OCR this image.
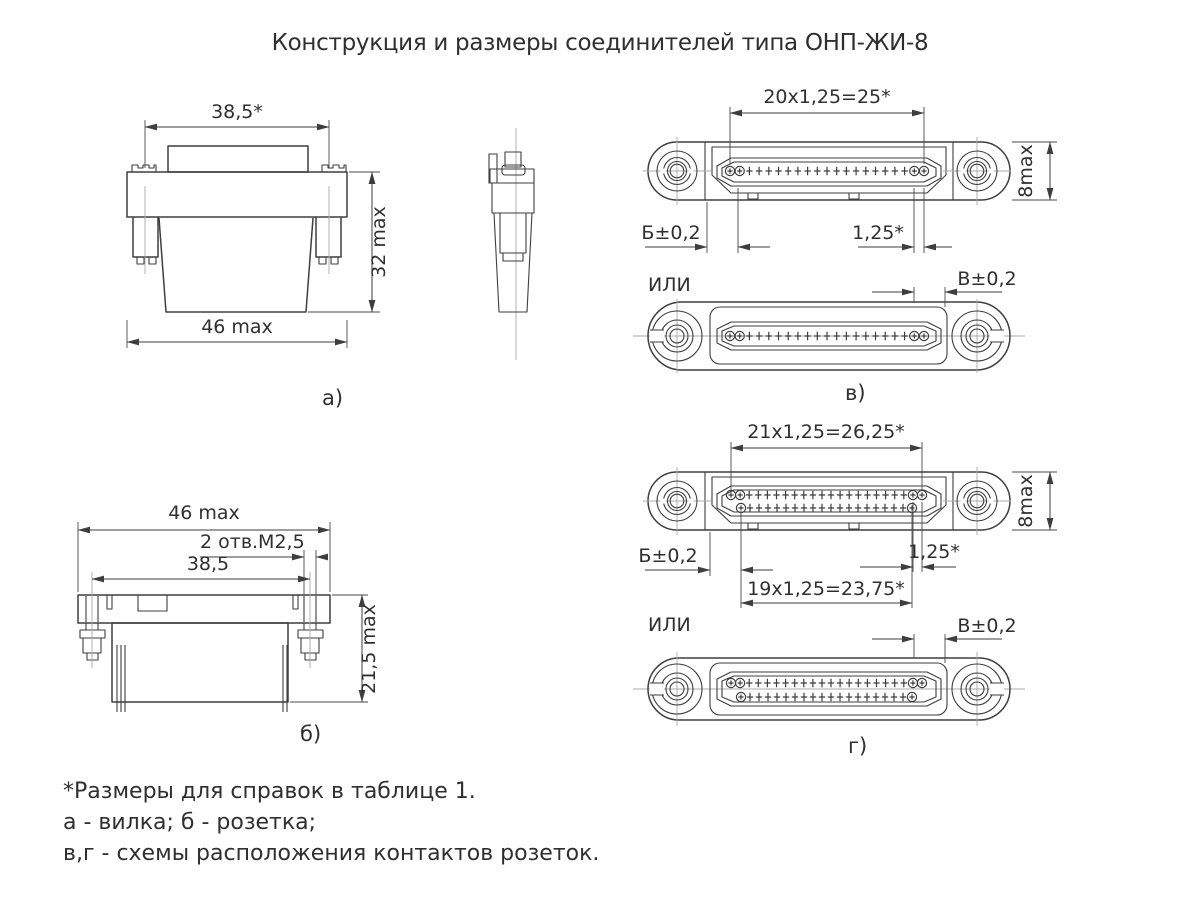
Конструкция и размеры соединителей типа ОНП-ЖИ-8
38,5*
32 max
46 max
а)
20х1,25=25*
8max
Б±0,2	1,25*
ИЛИ	В±0,2
в)
21х1,25=26,25*
8max
Б±0,2	1,25*
19х1,25=23,75*
ИЛИ	В±0,2
г)
46 max
2 отв.М2,5
38,5
21,5 max
б)
*Размеры для справок в таблице 1.
а - вилка; б - розетка;
в,г - схемы расположения контактов розеток.
